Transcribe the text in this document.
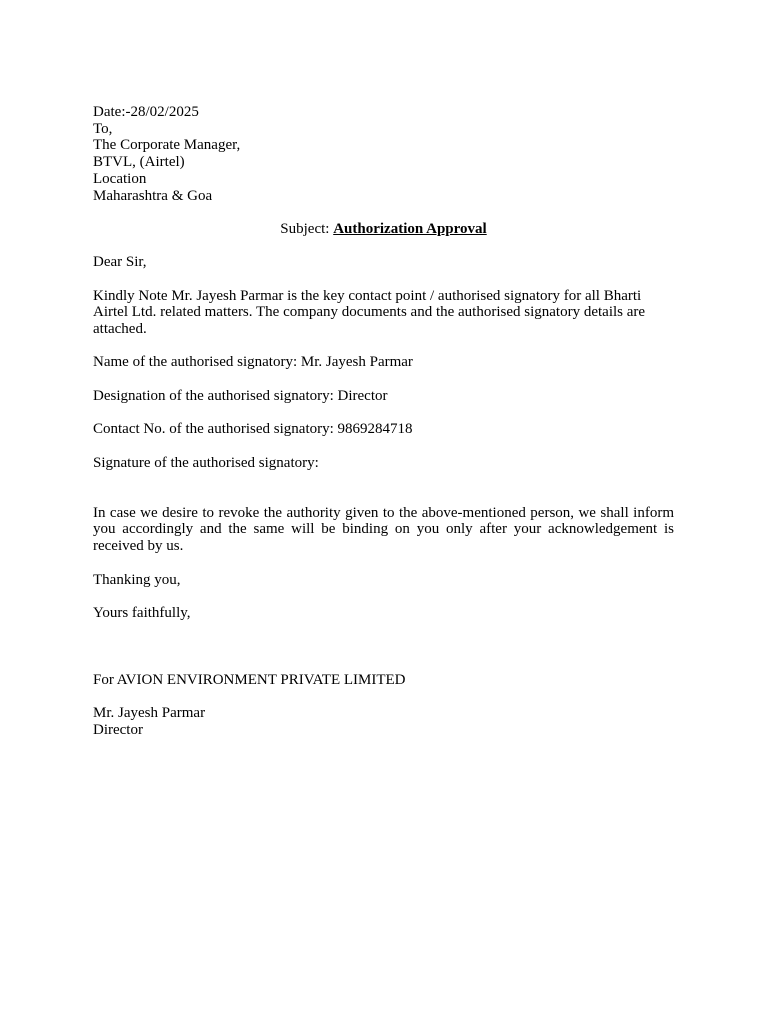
Date:-28/02/2025
To,
The Corporate Manager,
BTVL, (Airtel)
Location
Maharashtra & Goa
Subject: Authorization Approval
Dear Sir,
Kindly Note Mr. Jayesh Parmar is the key contact point / authorised signatory for all Bharti Airtel Ltd. related matters. The company documents and the authorised signatory details are attached.
Name of the authorised signatory: Mr. Jayesh Parmar
Designation of the authorised signatory: Director
Contact No. of the authorised signatory: 9869284718
Signature of the authorised signatory:
In case we desire to revoke the authority given to the above-mentioned person, we shall inform you accordingly and the same will be binding on you only after your acknowledgement is received by us.
Thanking you,
Yours faithfully,
For AVION ENVIRONMENT PRIVATE LIMITED
Mr. Jayesh Parmar
Director
